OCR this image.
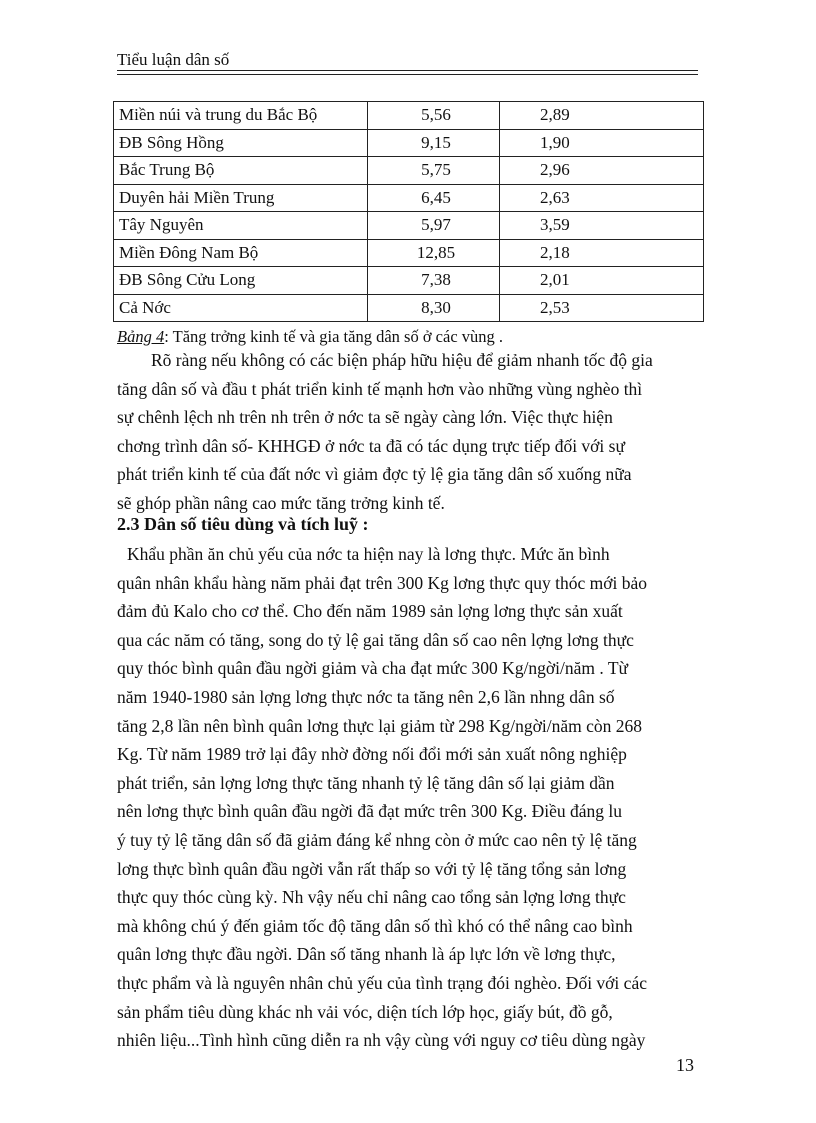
Tiểu luận dân số
Miền núi và trung du Bắc Bộ	5,56	2,89
ĐB Sông Hồng	9,15	1,90
Bắc Trung Bộ	5,75	2,96
Duyên hải Miền Trung	6,45	2,63
Tây Nguyên	5,97	3,59
Miền Đông Nam Bộ	12,85	2,18
ĐB Sông Cửu Long	7,38	2,01
Cả Nớc	8,30	2,53
Bảng 4: Tăng trởng kinh tế và gia tăng dân số ở các vùng .
Rõ ràng nếu không có các biện pháp hữu hiệu để giảm nhanh tốc độ gia
tăng dân số và đầu t phát triển kinh tế mạnh hơn vào những vùng nghèo thì
sự chênh lệch nh trên nh trên ở nớc ta sẽ ngày càng lớn. Việc thực hiện
chơng trình dân số- KHHGĐ ở nớc ta đã có tác dụng trực tiếp đối với sự
phát triển kinh tế của đất nớc vì giảm đợc tỷ lệ gia tăng dân số xuống nữa
sẽ ghóp phần nâng cao mức tăng trởng kinh tế.
2.3 Dân số tiêu dùng và tích luỹ :
Khẩu phần ăn chủ yếu của nớc ta hiện nay là lơng thực. Mức ăn bình
quân nhân khẩu hàng năm phải đạt trên 300 Kg lơng thực quy thóc mới bảo
đảm đủ Kalo cho cơ thể. Cho đến năm 1989 sản lợng lơng thực sản xuất
qua các năm có tăng, song do tỷ lệ gai tăng dân số cao nên lợng lơng thực
quy thóc bình quân đầu ngời giảm và cha đạt mức 300 Kg/ngời/năm . Từ
năm 1940-1980 sản lợng lơng thực nớc ta tăng nên 2,6 lần nhng dân số
tăng 2,8 lần nên bình quân lơng thực lại giảm từ 298 Kg/ngời/năm còn 268
Kg. Từ năm 1989 trở lại đây nhờ đờng nối đổi mới sản xuất nông nghiệp
phát triển, sản lợng lơng thực tăng nhanh tỷ lệ tăng dân số lại giảm dần
nên lơng thực bình quân đầu ngời đã đạt mức trên 300 Kg. Điều đáng lu
ý tuy tỷ lệ tăng dân số đã giảm đáng kể nhng còn ở mức cao nên tỷ lệ tăng
lơng thực bình quân đầu ngời vẫn rất thấp so với tỷ lệ tăng tổng sản lơng
thực quy thóc cùng kỳ. Nh vậy nếu chỉ nâng cao tổng sản lợng lơng thực
mà không chú ý đến giảm tốc độ tăng dân số thì khó có thể nâng cao bình
quân lơng thực đầu ngời. Dân số tăng nhanh là áp lực lớn về lơng thực,
thực phẩm và là nguyên nhân chủ yếu của tình trạng đói nghèo. Đối với các
sản phẩm tiêu dùng khác nh vải vóc, diện tích lớp học, giấy bút, đồ gỗ,
nhiên liệu...Tình hình cũng diễn ra nh vậy cùng với nguy cơ tiêu dùng ngày
13
